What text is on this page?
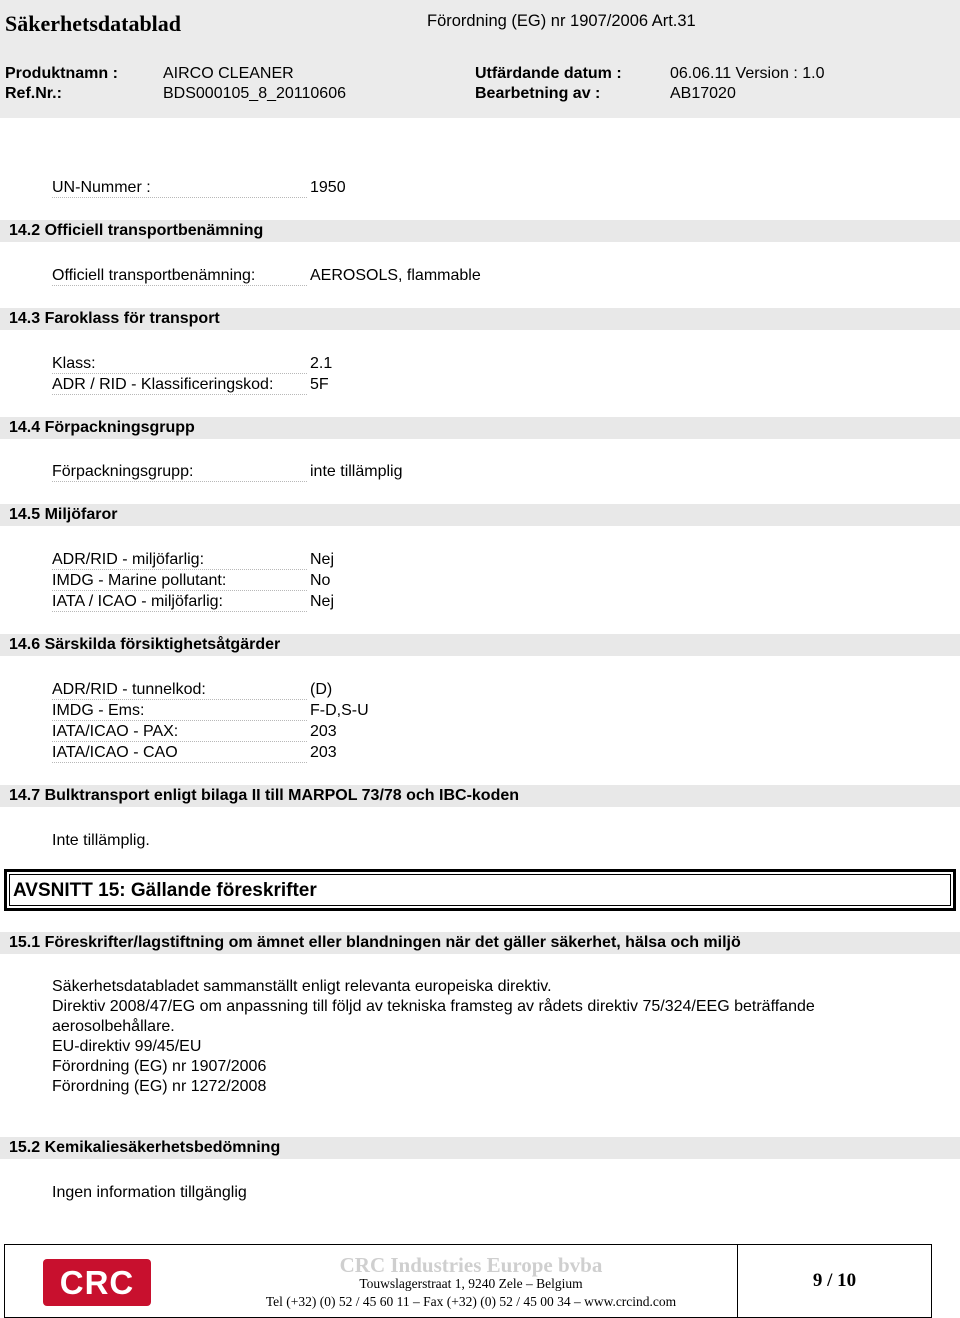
Säkerhetsdatablad	Förordning (EG) nr 1907/2006 Art.31
Produktnamn :	AIRCO CLEANER	Utfärdande datum :	06.06.11 Version : 1.0
Ref.Nr.:	BDS000105_8_20110606	Bearbetning av :	AB17020
UN-Nummer :	1950
14.2 Officiell transportbenämning
Officiell transportbenämning:	AEROSOLS, flammable
14.3 Faroklass för transport
Klass:	2.1
ADR / RID - Klassificeringskod:	5F
14.4 Förpackningsgrupp
Förpackningsgrupp:	inte tillämplig
14.5 Miljöfaror
ADR/RID - miljöfarlig:	Nej
IMDG - Marine pollutant:	No
IATA / ICAO - miljöfarlig:	Nej
14.6 Särskilda försiktighetsåtgärder
ADR/RID - tunnelkod:	(D)
IMDG - Ems:	F-D,S-U
IATA/ICAO - PAX:	203
IATA/ICAO - CAO	203
14.7 Bulktransport enligt bilaga II till MARPOL 73/78 och IBC-koden
Inte tillämplig.
AVSNITT 15: Gällande föreskrifter
15.1 Föreskrifter/lagstiftning om ämnet eller blandningen när det gäller säkerhet, hälsa och miljö
Säkerhetsdatabladet sammanställt enligt relevanta europeiska direktiv.
Direktiv 2008/47/EG om anpassning till följd av tekniska framsteg av rådets direktiv 75/324/EEG beträffande
aerosolbehållare.
EU-direktiv 99/45/EU
Förordning (EG) nr 1907/2006
Förordning (EG) nr 1272/2008
15.2 Kemikaliesäkerhetsbedömning
Ingen information tillgänglig
CRC	CRC Industries Europe bvba
Touwslagerstraat 1, 9240 Zele – Belgium
Tel (+32) (0) 52 / 45 60 11 – Fax (+32) (0) 52 / 45 00 34 – www.crcind.com
9 / 10
